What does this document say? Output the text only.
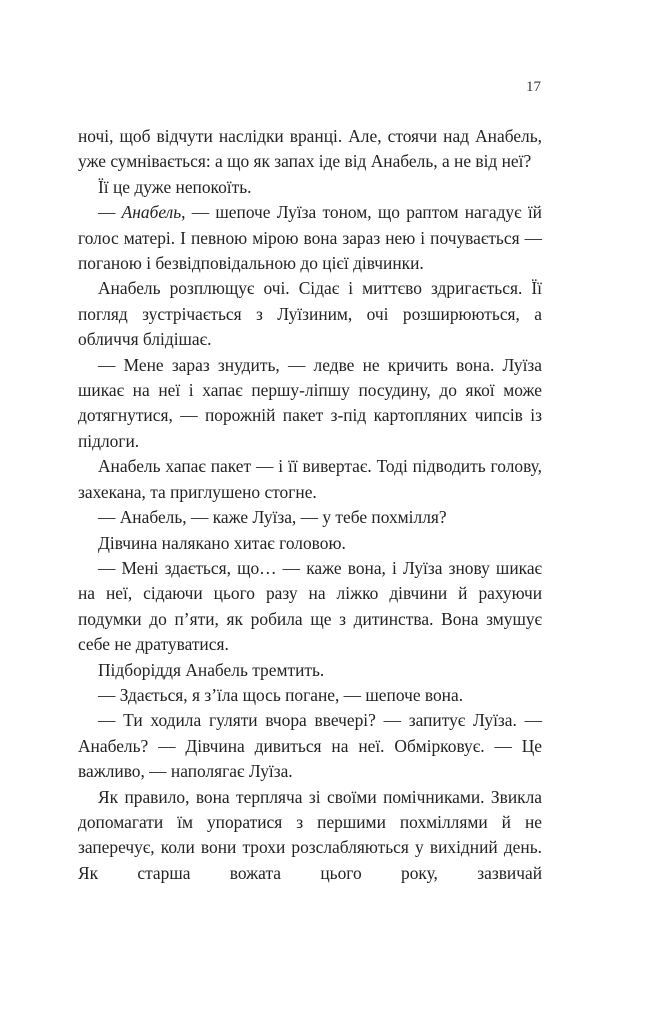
17

ночі, щоб відчути наслідки вранці. Але, стоячи над Анабель, уже сумнівається: а що як запах іде від Анабель, а не від неї?

Її це дуже непокоїть.

— Анабель, — шепоче Луїза тоном, що раптом нагадує їй голос матері. І певною мірою вона зараз нею і почувається — поганою і безвідповідальною до цієї дівчинки.

Анабель розплющує очі. Сідає і миттєво здригається. Її погляд зустрічається з Луїзиним, очі розширюються, а обличчя блідішає.

— Мене зараз знудить, — ледве не кричить вона. Луїза шикає на неї і хапає першу-ліпшу посудину, до якої може дотягнутися, — порожній пакет з-під картопляних чипсів із підлоги.

Анабель хапає пакет — і її вивертає. Тоді підводить голову, захекана, та приглушено стогне.

— Анабель, — каже Луїза, — у тебе похмілля?

Дівчина налякано хитає головою.

— Мені здається, що… — каже вона, і Луїза знову шикає на неї, сідаючи цього разу на ліжко дівчини й рахуючи подумки до п’яти, як робила ще з дитинства. Вона змушує себе не дратуватися.

Підборіддя Анабель тремтить.

— Здається, я з’їла щось погане, — шепоче вона.

— Ти ходила гуляти вчора ввечері? — запитує Луїза. — Анабель? — Дівчина дивиться на неї. Обмірковує. — Це важливо, — наполягає Луїза.

Як правило, вона терпляча зі своїми помічниками. Звикла допомагати їм упоратися з першими похміллями й не заперечує, коли вони трохи розслабляються у вихідний день. Як старша вожата цього року, зазвичай
